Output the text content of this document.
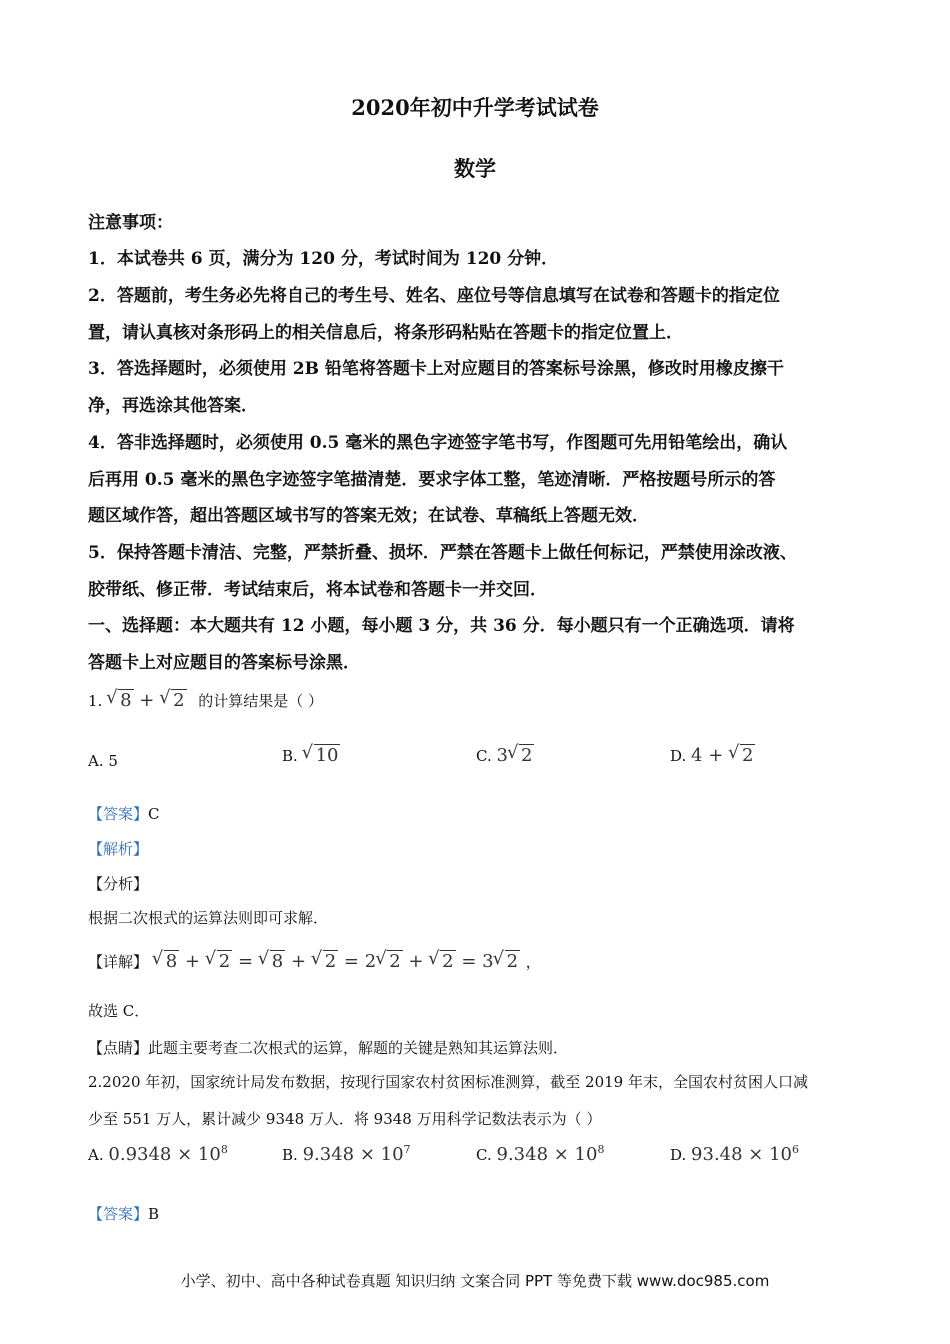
2020年初中升学考试试卷
数学
注意事项：
1．本试卷共 6 页，满分为 120 分，考试时间为 120 分钟．
2．答题前，考生务必先将自己的考生号、姓名、座位号等信息填写在试卷和答题卡的指定位
置，请认真核对条形码上的相关信息后，将条形码粘贴在答题卡的指定位置上．
3．答选择题时，必须使用 2B 铅笔将答题卡上对应题目的答案标号涂黑，修改时用橡皮擦干
净，再选涂其他答案．
4．答非选择题时，必须使用 0.5 毫米的黑色字迹签字笔书写，作图题可先用铅笔绘出，确认
后再用 0.5 毫米的黑色字迹签字笔描清楚．要求字体工整，笔迹清晰．严格按题号所示的答
题区域作答，超出答题区域书写的答案无效；在试卷、草稿纸上答题无效．
5．保持答题卡清洁、完整，严禁折叠、损坏．严禁在答题卡上做任何标记，严禁使用涂改液、
胶带纸、修正带．考试结束后，将本试卷和答题卡一并交回．
一、选择题：本大题共有 12 小题，每小题 3 分，共 36 分．每小题只有一个正确选项．请将
答题卡上对应题目的答案标号涂黑．
1. √ 8 + √ 2 的计算结果是（ ）
A. 5	B. √ 10	C. 3 √ 2	D. 4 + √ 2
【答案】C
【解析】
【分析】
根据二次根式的运算法则即可求解．
【详解】 √ 8 + √ 2 = √ 8 + √ 2 = 2 √ 2 + √ 2 = 3 √ 2 ，
故选 C．
【点睛】此题主要考查二次根式的运算，解题的关键是熟知其运算法则．
2.2020 年初，国家统计局发布数据，按现行国家农村贫困标准测算，截至 2019 年末，全国农村贫困人口减
少至 551 万人，累计减少 9348 万人．将 9348 万用科学记数法表示为（ ）
A. $0.9348 \times 10^8$	B. $9.348 \times 10^7$	C. $9.348 \times 10^8$	D. $93.48 \times 10^6$
【答案】B
小学、初中、高中各种试卷真题 知识归纳 文案合同 PPT 等免费下载 www.doc985.com
